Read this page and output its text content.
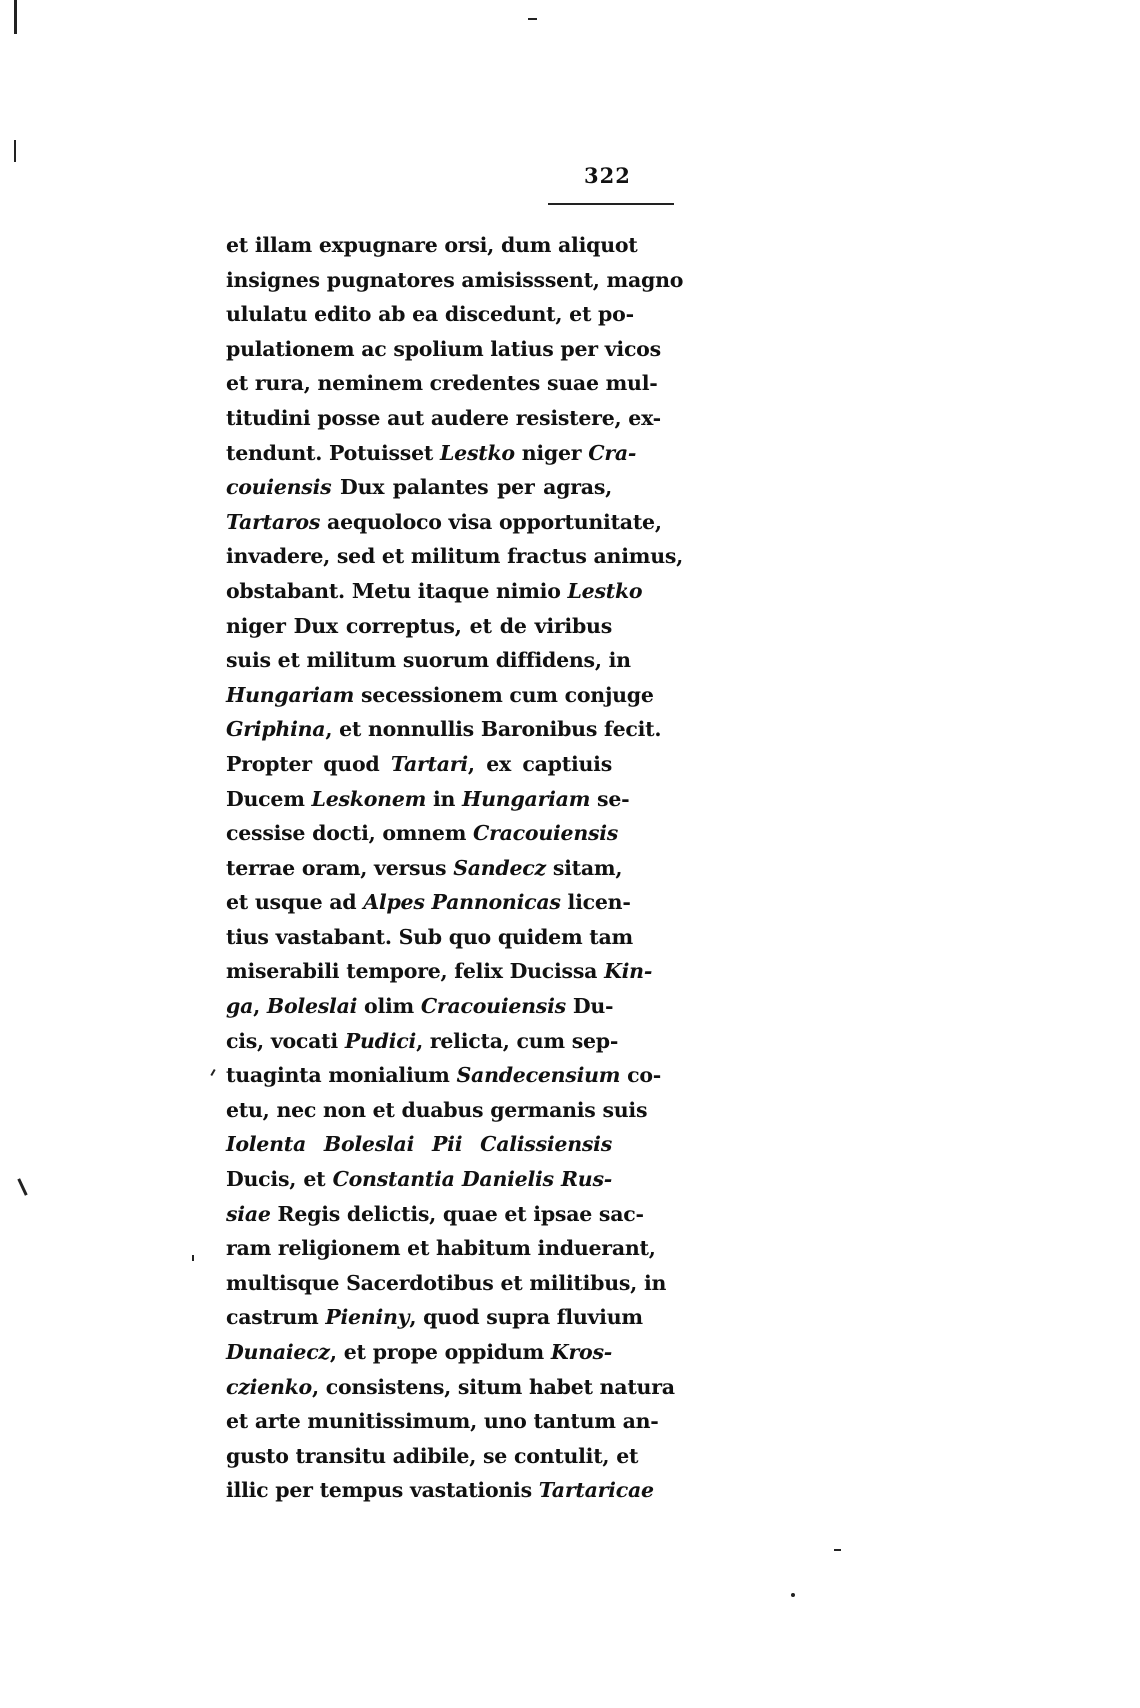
322
et illam expugnare orsi, dum aliquot
insignes pugnatores amisisssent, magno
ululatu edito ab ea discedunt, et po-
pulationem ac spolium latius per vicos
et rura, neminem credentes suae mul-
titudini posse aut audere resistere, ex-
tendunt. Potuisset Lestko niger Cra-
couiensis Dux palantes per agras,
Tartaros aequoloco visa opportunitate,
invadere, sed et militum fractus animus,
obstabant. Metu itaque nimio Lestko
niger Dux correptus, et de viribus
suis et militum suorum diffidens, in
Hungariam secessionem cum conjuge
Griphina, et nonnullis Baronibus fecit.
Propter quod Tartari, ex captiuis
Ducem Leskonem in Hungariam se-
cessise docti, omnem Cracouiensis
terrae oram, versus Sandecz sitam,
et usque ad Alpes Pannonicas licen-
tius vastabant. Sub quo quidem tam
miserabili tempore, felix Ducissa Kin-
ga, Boleslai olim Cracouiensis Du-
cis, vocati Pudici, relicta, cum sep-
tuaginta monialium Sandecensium co-
etu, nec non et duabus germanis suis
Iolenta Boleslai Pii Calissiensis
Ducis, et Constantia Danielis Rus-
siae Regis delictis, quae et ipsae sac-
ram religionem et habitum induerant,
multisque Sacerdotibus et militibus, in
castrum Pieniny, quod supra fluvium
Dunaiecz, et prope oppidum Kros-
czienko, consistens, situm habet natura
et arte munitissimum, uno tantum an-
gusto transitu adibile, se contulit, et
illic per tempus vastationis Tartaricae
